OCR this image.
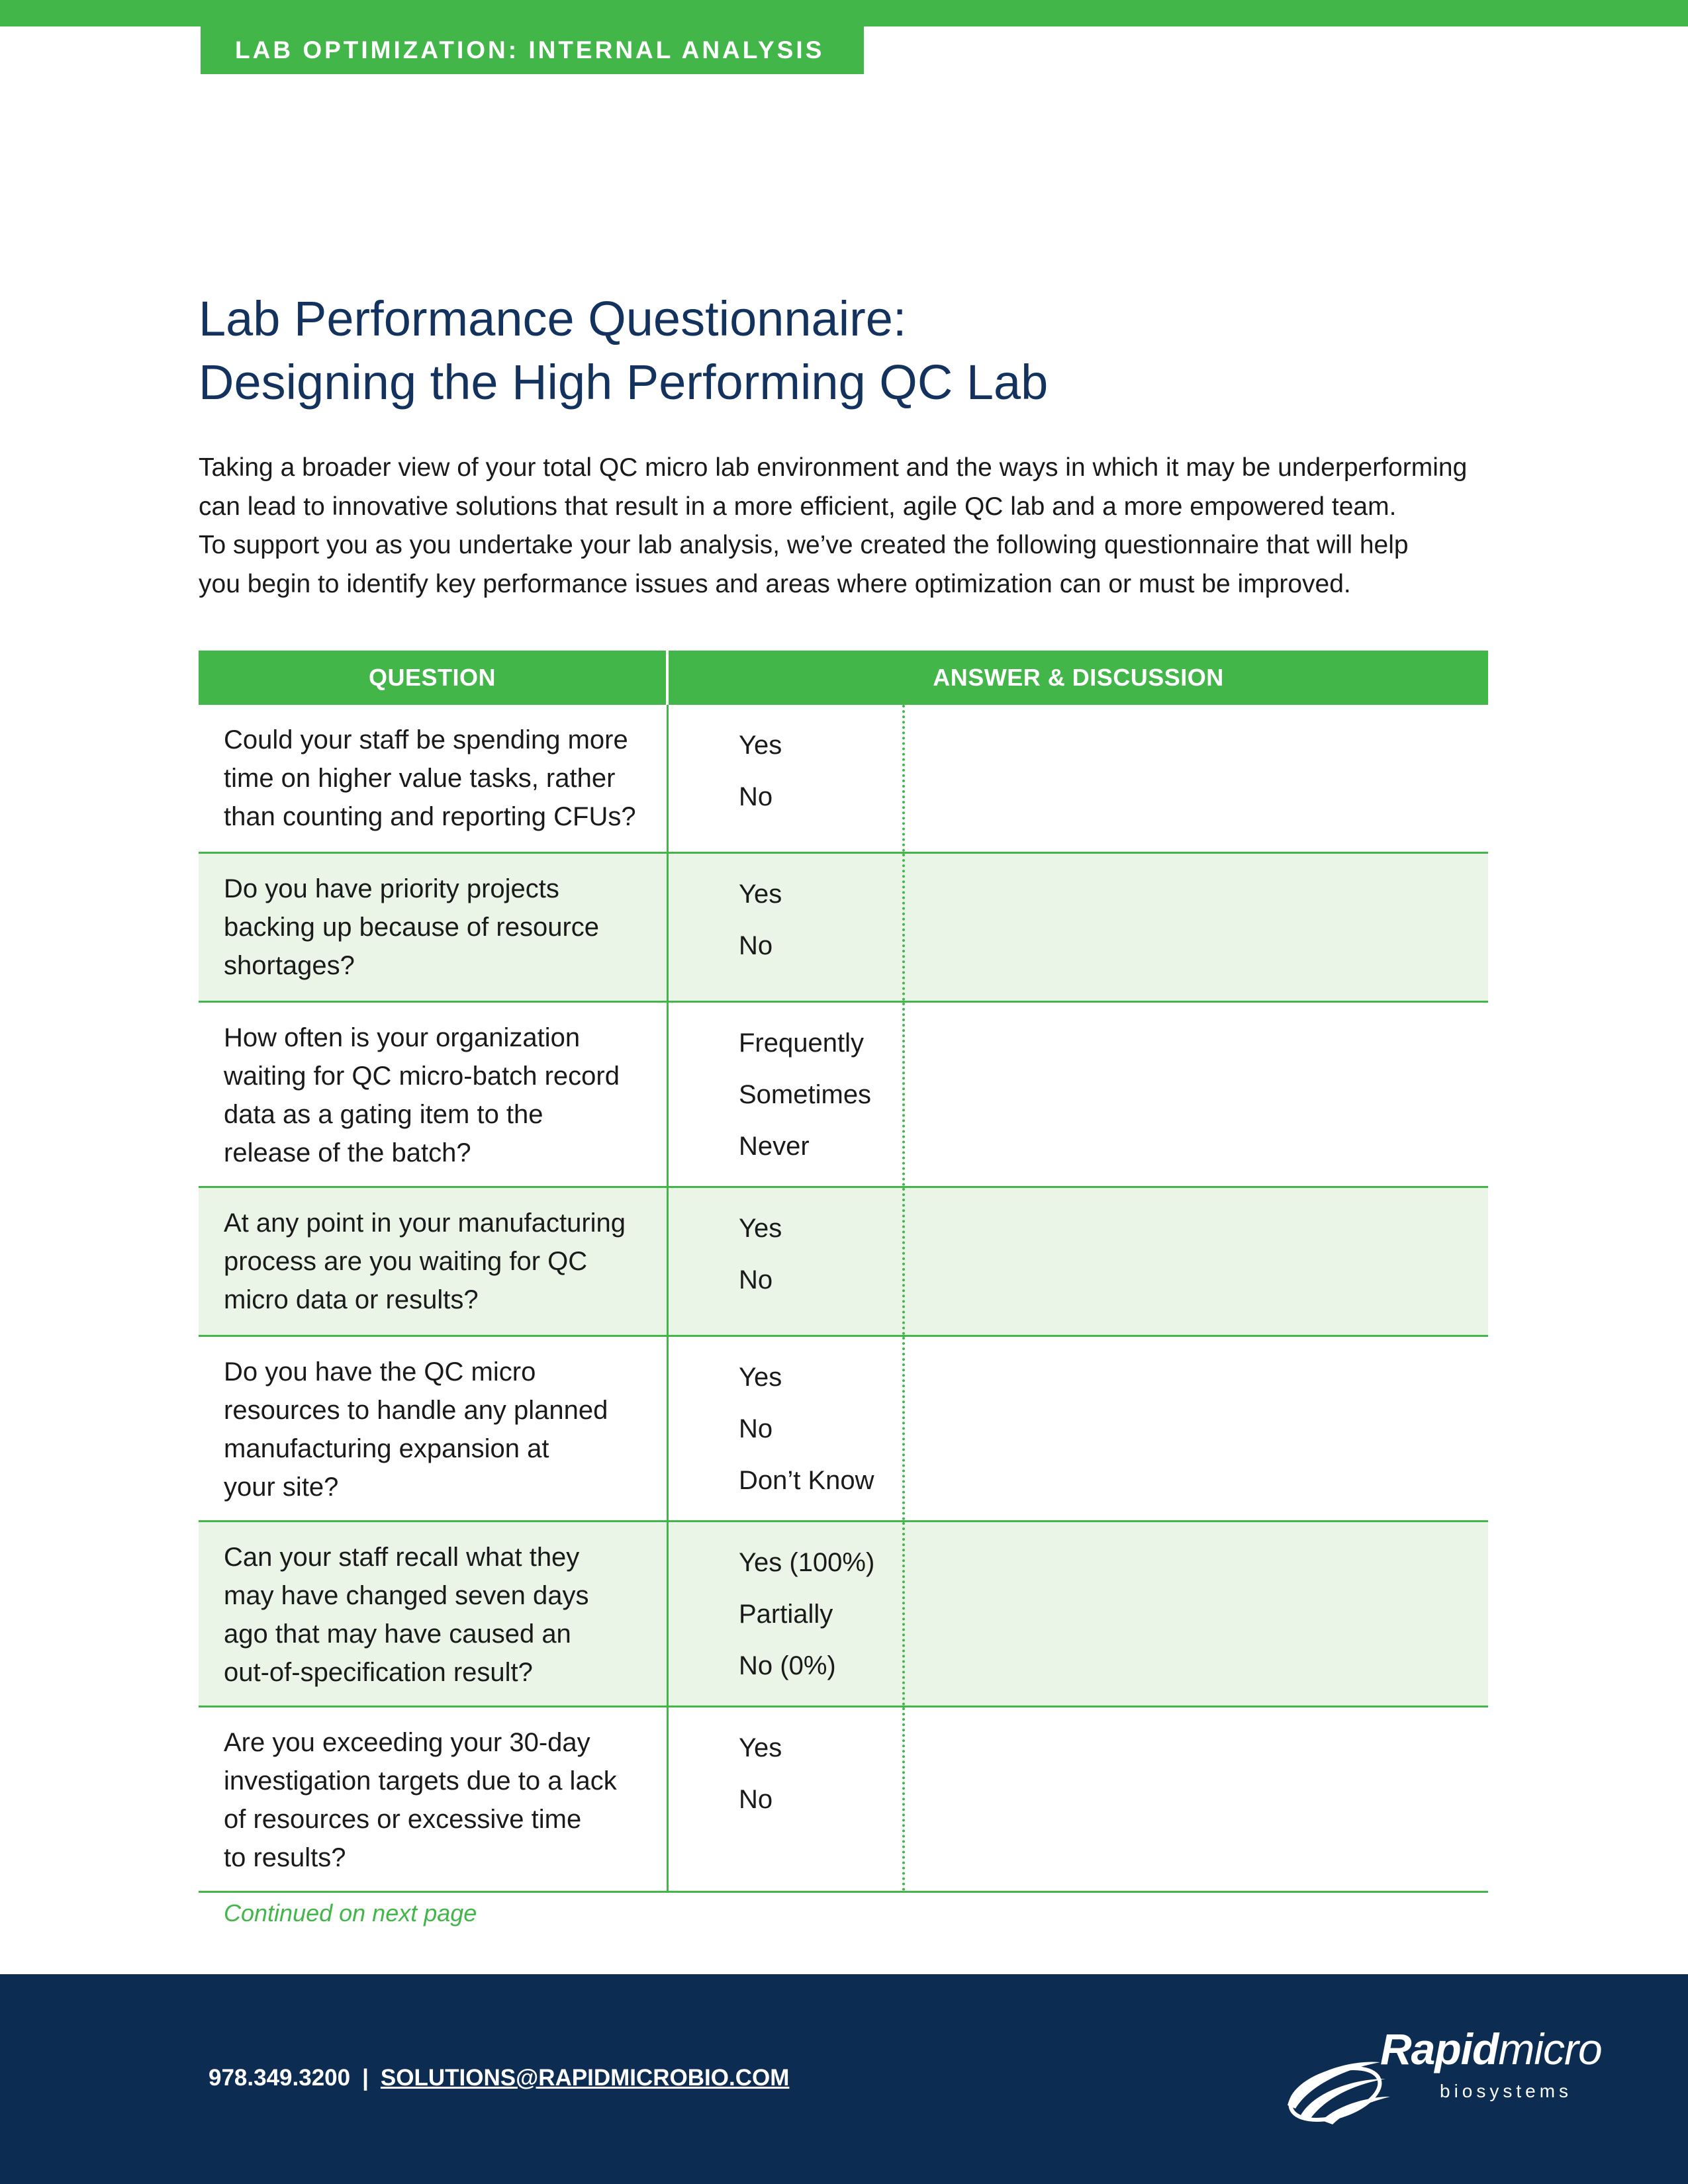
LAB OPTIMIZATION: INTERNAL ANALYSIS
Lab Performance Questionnaire:
Designing the High Performing QC Lab
Taking a broader view of your total QC micro lab environment and the ways in which it may be underperforming
can lead to innovative solutions that result in a more efficient, agile QC lab and a more empowered team.
To support you as you undertake your lab analysis, we’ve created the following questionnaire that will help
you begin to identify key performance issues and areas where optimization can or must be improved.
QUESTION	ANSWER & DISCUSSION
Could your staff be spending more
time on higher value tasks, rather
than counting and reporting CFUs?
Yes
No
Do you have priority projects
backing up because of resource
shortages?
Yes
No
How often is your organization
waiting for QC micro-batch record
data as a gating item to the
release of the batch?
Frequently
Sometimes
Never
At any point in your manufacturing
process are you waiting for QC
micro data or results?
Yes
No
Do you have the QC micro
resources to handle any planned
manufacturing expansion at
your site?
Yes
No
Don’t Know
Can your staff recall what they
may have changed seven days
ago that may have caused an
out-of-specification result?
Yes (100%)
Partially
No (0%)
Are you exceeding your 30-day
investigation targets due to a lack
of resources or excessive time
to results?
Yes
No
Continued on next page
978.349.3200 | SOLUTIONS@RAPIDMICROBIO.COM
Rapidmicro
biosystems
